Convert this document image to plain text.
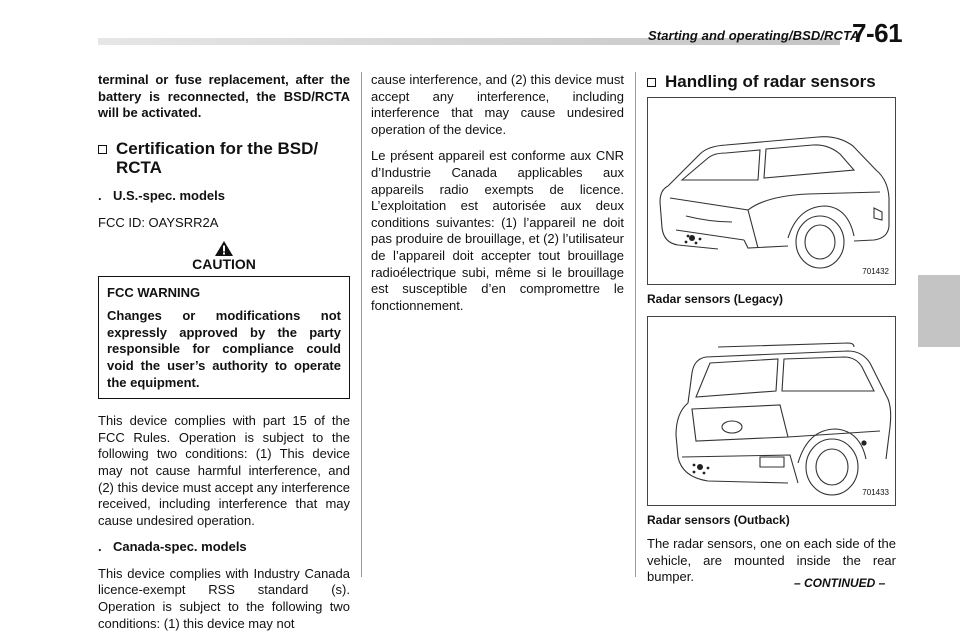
Starting and operating/BSD/RCTA
7-61

terminal or fuse replacement, after the battery is reconnected, the BSD/RCTA will be activated.

Certification for the BSD/ RCTA
. U.S.-spec. models

FCC ID: OAYSRR2A

CAUTION

FCC WARNING

Changes or modifications not expressly approved by the party responsible for compliance could void the user’s authority to operate the equipment.

This device complies with part 15 of the FCC Rules. Operation is subject to the following two conditions: (1) This device may not cause harmful interference, and (2) this device must accept any interference received, including interference that may cause undesired operation.

. Canada-spec. models

This device complies with Industry Canada licence-exempt RSS standard (s). Operation is subject to the following two conditions: (1) this device may not

cause interference, and (2) this device must accept any interference, including interference that may cause undesired operation of the device.

Le présent appareil est conforme aux CNR d’Industrie Canada applicables aux appareils radio exempts de licence. L’exploitation est autorisée aux deux conditions suivantes: (1) l’appareil ne doit pas produire de brouillage, et (2) l’utilisateur de l’appareil doit accepter tout brouillage radioélectrique subi, même si le brouillage est susceptible d’en compromettre le fonctionnement.

Handling of radar sensors
701432

Radar sensors (Legacy)

701433

Radar sensors (Outback)

The radar sensors, one on each side of the vehicle, are mounted inside the rear bumper.	– CONTINUED –
